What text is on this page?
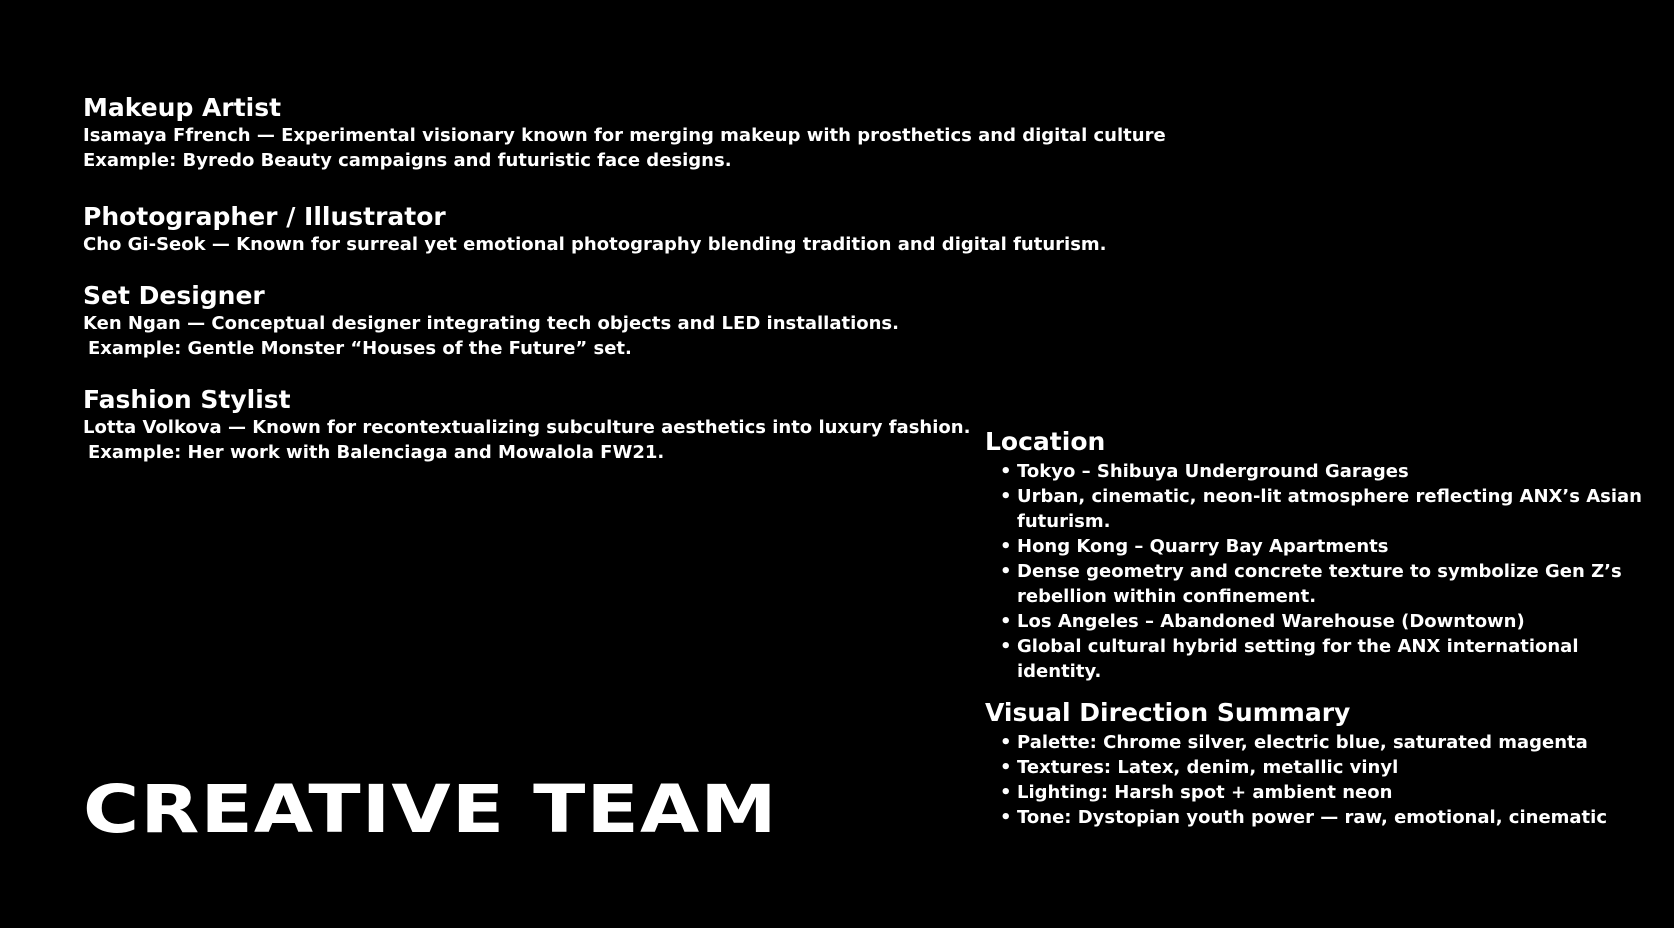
Makeup Artist

Isamaya Ffrench — Experimental visionary known for merging makeup with prosthetics and digital culture

Example: Byredo Beauty campaigns and futuristic face designs.

Photographer / Illustrator

Cho Gi-Seok — Known for surreal yet emotional photography blending tradition and digital futurism.

Set Designer

Ken Ngan — Conceptual designer integrating tech objects and LED installations.

Example: Gentle Monster “Houses of the Future” set.

Fashion Stylist

Lotta Volkova — Known for recontextualizing subculture aesthetics into luxury fashion.

Example: Her work with Balenciaga and Mowalola FW21.	Location

• Tokyo – Shibuya Underground Garages
• Urban, cinematic, neon-lit atmosphere reflecting ANX’s Asian futurism.
• Hong Kong – Quarry Bay Apartments
• Dense geometry and concrete texture to symbolize Gen Z’s rebellion within confinement.
• Los Angeles – Abandoned Warehouse (Downtown)
• Global cultural hybrid setting for the ANX international identity.

Visual Direction Summary

• Palette: Chrome silver, electric blue, saturated magenta
• Textures: Latex, denim, metallic vinyl
• Lighting: Harsh spot + ambient neon
• Tone: Dystopian youth power — raw, emotional, cinematic
CREATIVE TEAM
